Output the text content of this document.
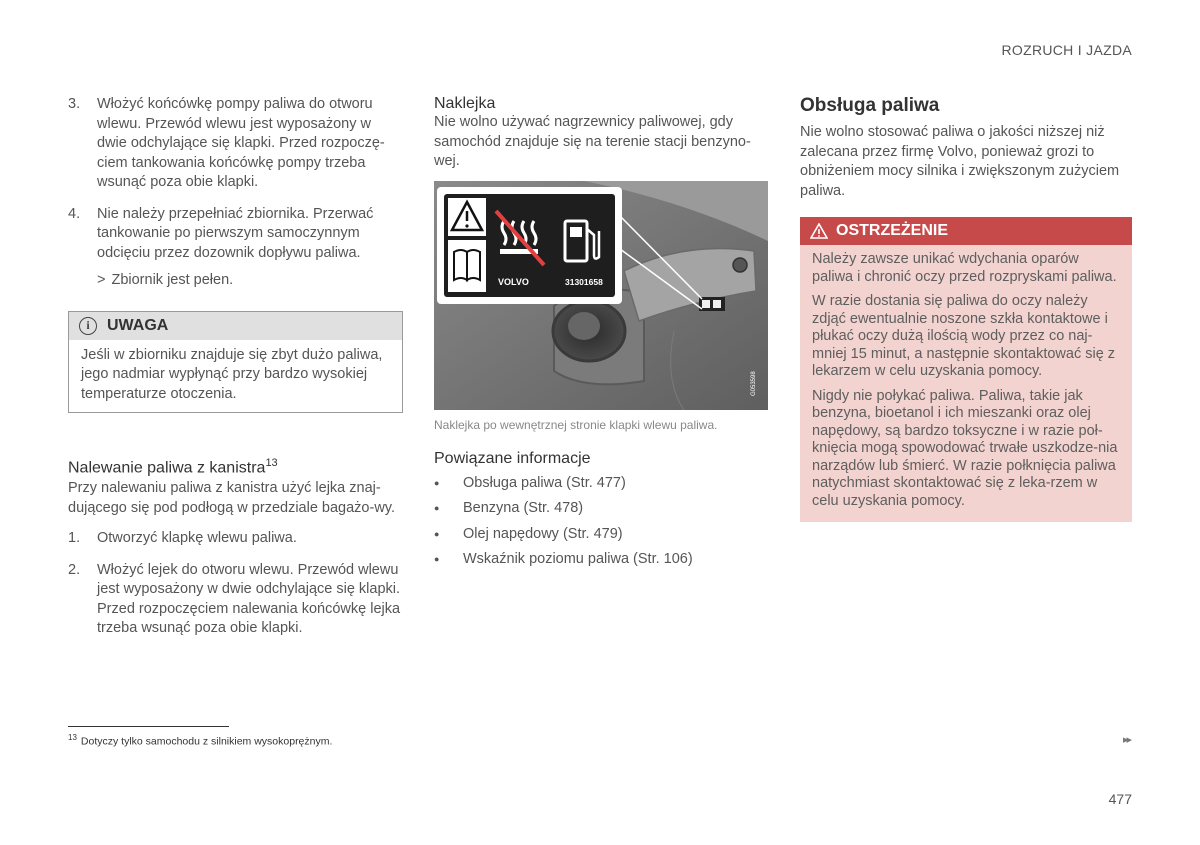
ROZRUCH I JAZDA
3. Włożyć końcówkę pompy paliwa do otworu wlewu. Przewód wlewu jest wyposażony w dwie odchylające się klapki. Przed rozpoczę-ciem tankowania końcówkę pompy trzeba wsunąć poza obie klapki.
4. Nie należy przepełniać zbiornika. Przerwać tankowanie po pierwszym samoczynnym odcięciu przez dozownik dopływu paliwa.
> Zbiornik jest pełen.
i	UWAGA
Jeśli w zbiorniku znajduje się zbyt dużo paliwa, jego nadmiar wypłynąć przy bardzo wysokiej temperaturze otoczenia.
Nalewanie paliwa z kanistra$^{13}$

Przy nalewaniu paliwa z kanistra użyć lejka znaj-dującego się pod podłogą w przedziale bagażo-wy.

1. Otworzyć klapkę wlewu paliwa.
2. Włożyć lejek do otworu wlewu. Przewód wlewu jest wyposażony w dwie odchylające się klapki. Przed rozpoczęciem nalewania końcówkę lejka trzeba wsunąć poza obie klapki.
Naklejka

Nie wolno używać nagrzewnicy paliwowej, gdy samochód znajduje się na terenie stacji benzyno-wej.

VOLVO	31301658
G053598
Naklejka po wewnętrznej stronie klapki wlewu paliwa.
Powiązane informacje
● Obsługa paliwa (Str. 477)
● Benzyna (Str. 478)
● Olej napędowy (Str. 479)
● Wskaźnik poziomu paliwa (Str. 106)
Obsługa paliwa

Nie wolno stosować paliwa o jakości niższej niż zalecana przez firmę Volvo, ponieważ grozi to obniżeniem mocy silnika i zwiększonym zużyciem paliwa.

OSTRZEŻENIE

Należy zawsze unikać wdychania oparów paliwa i chronić oczy przed rozpryskami paliwa.

W razie dostania się paliwa do oczy należy zdjąć ewentualnie noszone szkła kontaktowe i płukać oczy dużą ilością wody przez co naj-mniej 15 minut, a następnie skontaktować się z lekarzem w celu uzyskania pomocy.

Nigdy nie połykać paliwa. Paliwa, takie jak benzyna, bioetanol i ich mieszanki oraz olej napędowy, są bardzo toksyczne i w razie poł-knięcia mogą spowodować trwałe uszkodze-nia narządów lub śmierć. W razie połknięcia paliwa natychmiast skontaktować się z leka-rzem w celu uzyskania pomocy.

$^{13}$ Dotyczy tylko samochodu z silnikiem wysokoprężnym.	▸▸
477
